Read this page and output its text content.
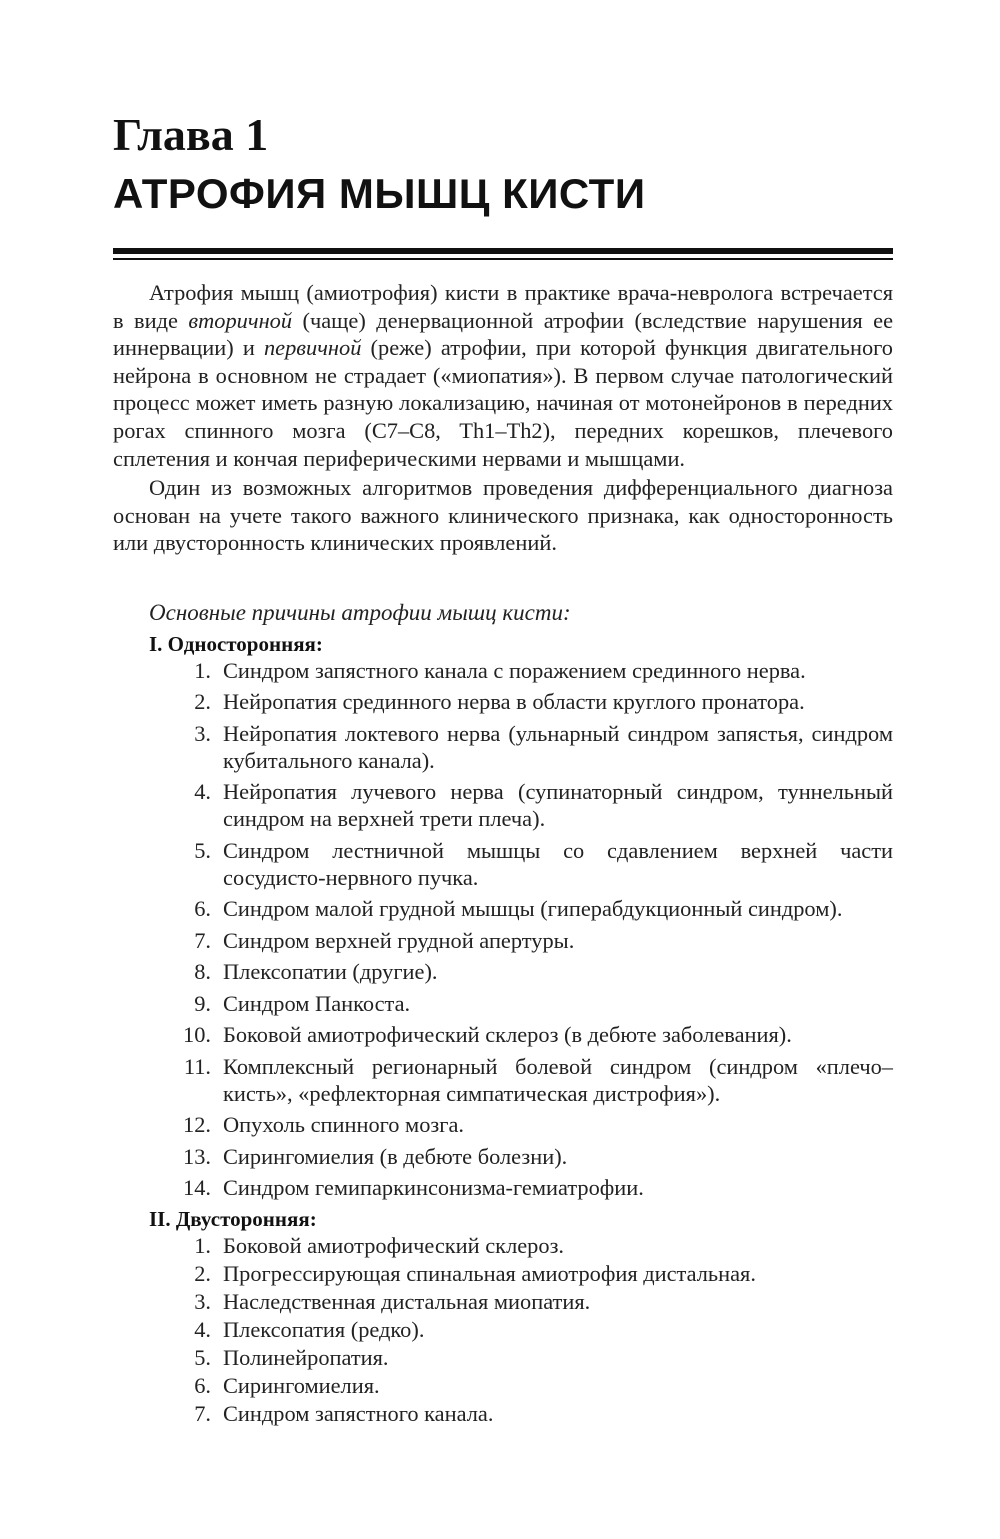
Глава 1
АТРОФИЯ МЫШЦ КИСТИ

Атрофия мышц (амиотрофия) кисти в практике врача-невролога встречается в виде вторичной (чаще) денервационной атрофии (вследствие нарушения ее иннервации) и первичной (реже) атрофии, при которой функция двигательного нейрона в основном не страдает («миопатия»). В первом случае патологический процесс может иметь разную локализацию, начиная от мотонейронов в передних рогах спинного мозга (C7–C8, Th1–Th2), передних корешков, плечевого сплетения и кончая периферическими нервами и мышцами.

Один из возможных алгоритмов проведения дифференциального диагноза основан на учете такого важного клинического признака, как односторонность или двусторонность клинических проявлений.

Основные причины атрофии мышц кисти:
I. Односторонняя:
1. Синдром запястного канала с поражением срединного нерва.
2. Нейропатия срединного нерва в области круглого пронатора.
3. Нейропатия локтевого нерва (ульнарный синдром запястья, синдром кубитального канала).
4. Нейропатия лучевого нерва (супинаторный синдром, туннельный синдром на верхней трети плеча).
5. Синдром лестничной мышцы со сдавлением верхней части сосудисто-нервного пучка.
6. Синдром малой грудной мышцы (гиперабдукционный синдром).
7. Синдром верхней грудной апертуры.
8. Плексопатии (другие).
9. Синдром Панкоста.
10. Боковой амиотрофический склероз (в дебюте заболевания).
11. Комплексный регионарный болевой синдром (синдром «плечо–кисть», «рефлекторная симпатическая дистрофия»).
12. Опухоль спинного мозга.
13. Сирингомиелия (в дебюте болезни).
14. Синдром гемипаркинсонизма-гемиатрофии.
II. Двусторонняя:
1. Боковой амиотрофический склероз.
2. Прогрессирующая спинальная амиотрофия дистальная.
3. Наследственная дистальная миопатия.
4. Плексопатия (редко).
5. Полинейропатия.
6. Сирингомиелия.
7. Синдром запястного канала.
